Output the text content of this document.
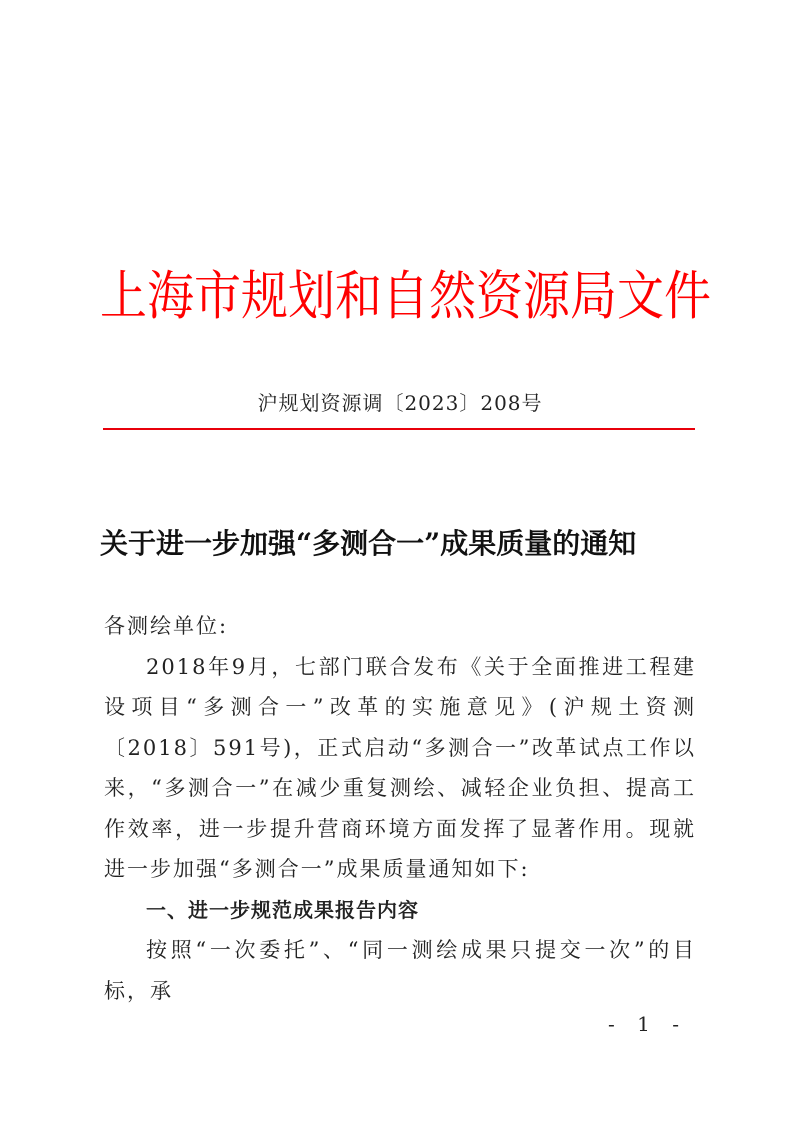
上海市规划和自然资源局文件
沪规划资源调〔2023〕208号
关于进一步加强“多测合一”成果质量的通知

各测绘单位:

2018年9月，七部门联合发布《关于全面推进工程建设项目“多测合一”改革的实施意见》(沪规土资测〔2018〕591号)，正式启动“多测合一”改革试点工作以来，“多测合一”在减少重复测绘、减轻企业负担、提高工作效率，进一步提升营商环境方面发挥了显著作用。现就进一步加强“多测合一”成果质量通知如下:

一、进一步规范成果报告内容

按照“一次委托”、“同一测绘成果只提交一次”的目标，承

- 1 -
